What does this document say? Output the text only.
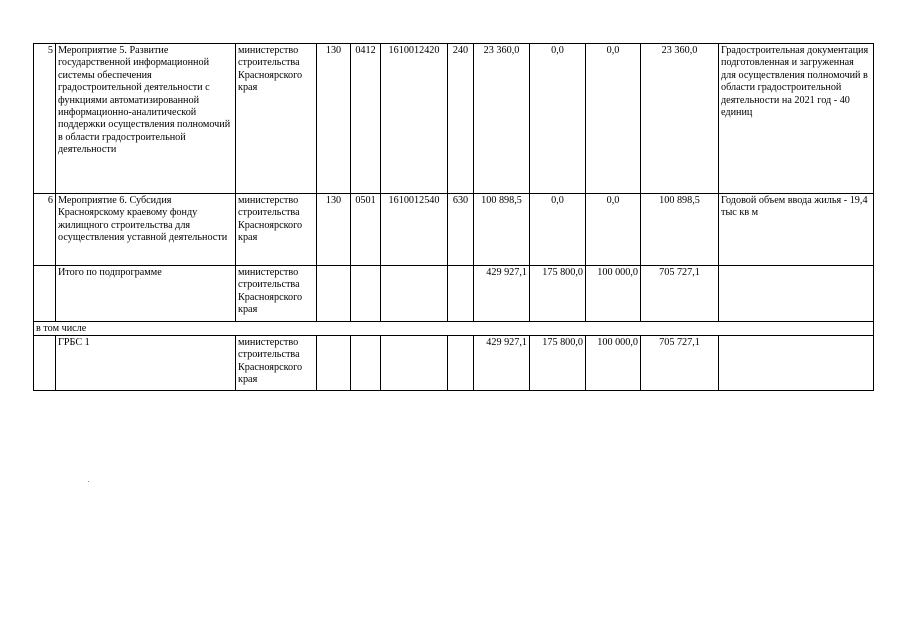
5	Мероприятие 5. Развитие государственной информационной системы обеспечения градостроительной деятельности с функциями автоматизированной информационно-аналитической поддержки осуществления полномочий в области градостроительной деятельности	министерство строительства Красноярского края	130	0412	1610012420	240	23 360,0	0,0	0,0	23 360,0	Градостроительная документация подготовленная и загруженная для осуществления полномочий в области градостроительной деятельности на 2021 год - 40 единиц
6	Мероприятие 6. Субсидия Красноярскому краевому фонду жилищного строительства для осуществления уставной деятельности	министерство строительства Красноярского края	130	0501	1610012540	630	100 898,5	0,0	0,0	100 898,5	Годовой объем ввода жилья - 19,4 тыс кв м
	Итого по подпрограмме	министерство строительства Красноярского края					429 927,1	175 800,0	100 000,0	705 727,1	
в том числе											
	ГРБС 1	министерство строительства Красноярского края					429 927,1	175 800,0	100 000,0	705 727,1	
